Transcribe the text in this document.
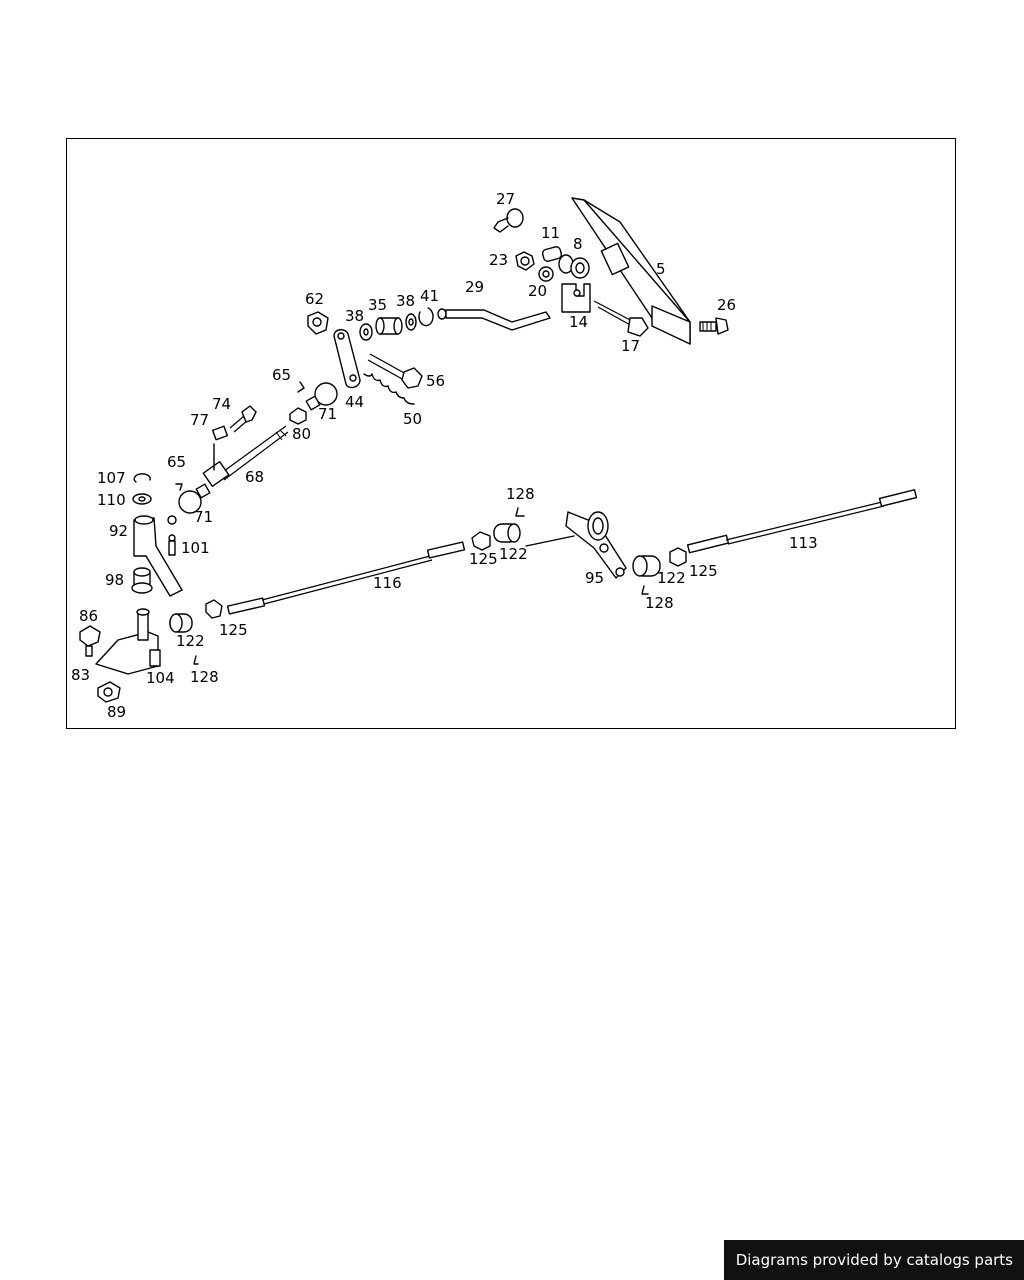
5
8
11
14
17
20
23
26
27
29
35
38
38 41
44
50
56
62
65
65
68
71
71
74
77
80
83
86
89
92
95
98
101
104
107
110
113
116
122
122
122
125
125
125
128
128
128
Diagrams provided by catalogs parts
